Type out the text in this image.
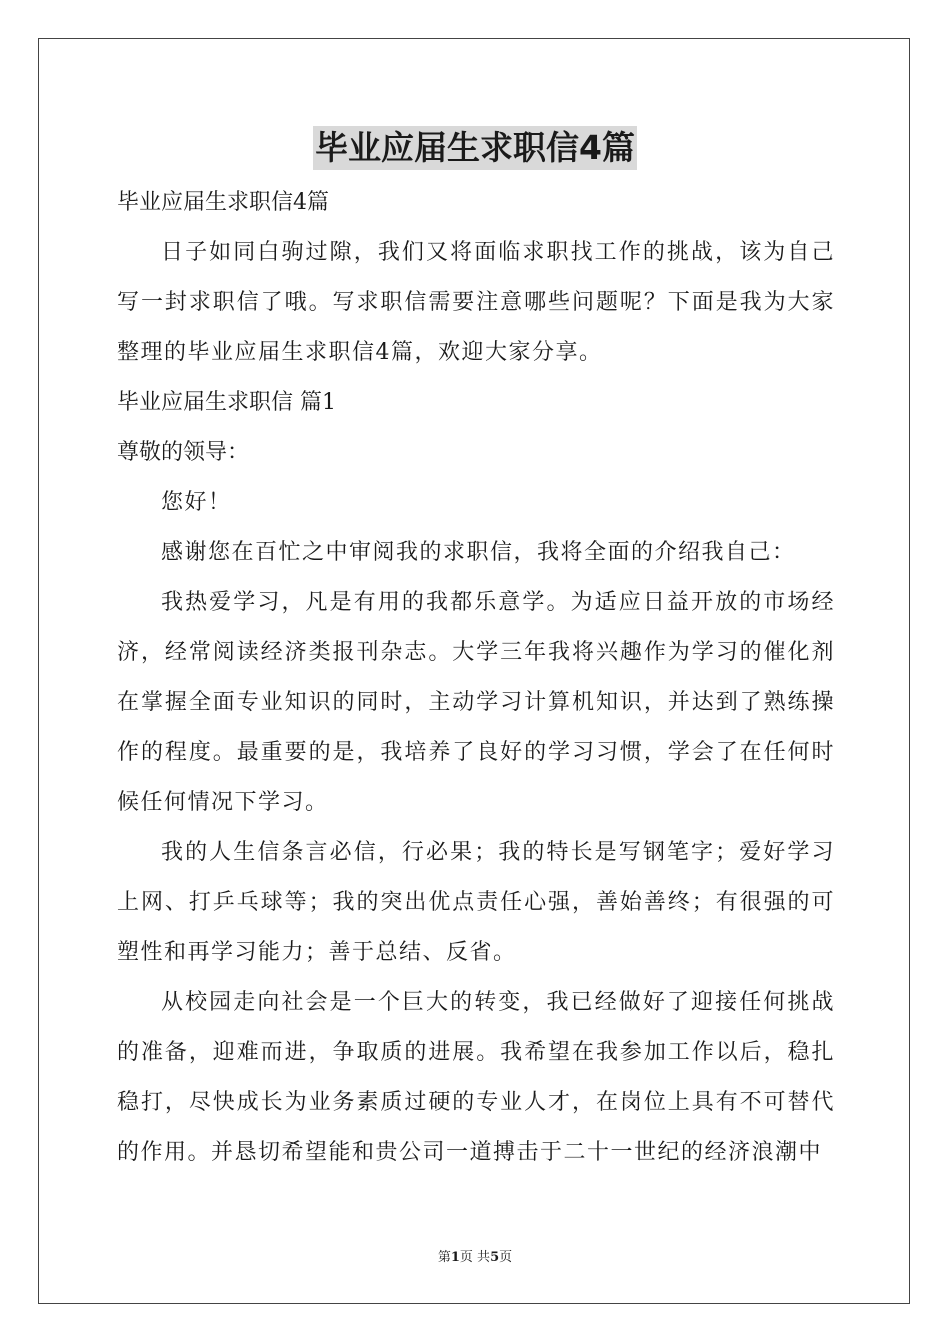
毕业应届生求职信4篇

毕业应届生求职信4篇

日子如同白驹过隙，我们又将面临求职找工作的挑战，该为自己写一封求职信了哦。写求职信需要注意哪些问题呢？下面是我为大家整理的毕业应届生求职信4篇，欢迎大家分享。

毕业应届生求职信 篇1

尊敬的领导：

您好！

感谢您在百忙之中审阅我的求职信，我将全面的介绍我自己：

我热爱学习，凡是有用的我都乐意学。为适应日益开放的市场经济，经常阅读经济类报刊杂志。大学三年我将兴趣作为学习的催化剂在掌握全面专业知识的同时，主动学习计算机知识，并达到了熟练操作的程度。最重要的是，我培养了良好的学习习惯，学会了在任何时候任何情况下学习。

我的人生信条言必信，行必果；我的特长是写钢笔字；爱好学习上网、打乒乓球等；我的突出优点责任心强，善始善终；有很强的可塑性和再学习能力；善于总结、反省。

从校园走向社会是一个巨大的转变，我已经做好了迎接任何挑战的准备，迎难而进，争取质的进展。我希望在我参加工作以后，稳扎稳打，尽快成长为业务素质过硬的专业人才，在岗位上具有不可替代的作用。并恳切希望能和贵公司一道搏击于二十一世纪的经济浪潮中

第1页 共5页
